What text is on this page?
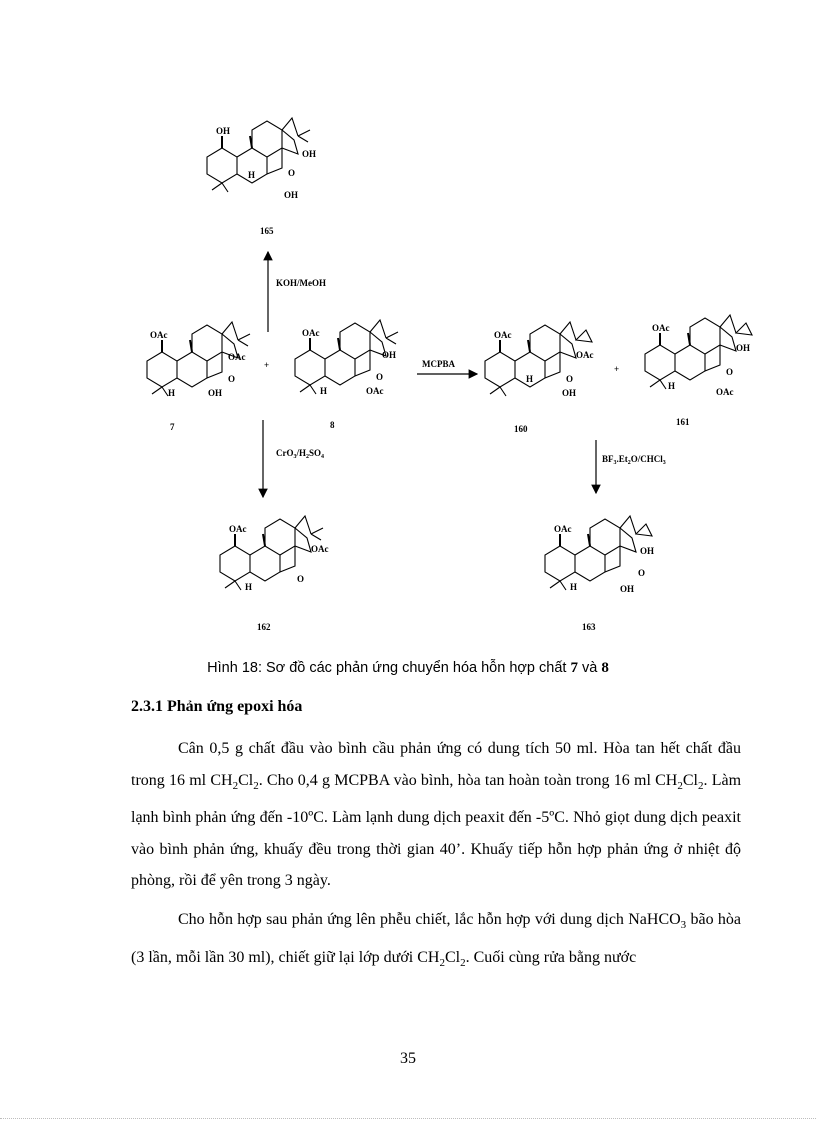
OH
OH
OH
O
H
165
OAc
OAc
OH
O
H
7
+
OAc
OH
OAc
O
H
8
OAc
OAc
OH
O
H
160
+
OAc
OH
OAc
O
H
161
OAc
OAc
O
H
162
OAc
OH
OH
O
H
163
KOH/MeOH
$CrO_3/H_2SO_4$
MCPBA
$BF_3.Et_2O/CHCl_3$
Hình 18: Sơ đồ các phản ứng chuyển hóa hỗn hợp chất 7 và 8
2.3.1 Phản ứng epoxi hóa
Cân 0,5 g chất đầu vào bình cầu phản ứng có dung tích 50 ml. Hòa tan hết chất đầu trong 16 ml $CH_2Cl_2$. Cho 0,4 g MCPBA vào bình, hòa tan hoàn toàn trong 16 ml $CH_2Cl_2$. Làm lạnh bình phản ứng đến -10ºC. Làm lạnh dung dịch peaxit đến -5ºC. Nhỏ giọt dung dịch peaxit vào bình phản ứng, khuấy đều trong thời gian 40’. Khuấy tiếp hỗn hợp phản ứng ở nhiệt độ phòng, rồi để yên trong 3 ngày.
Cho hỗn hợp sau phản ứng lên phễu chiết, lắc hỗn hợp với dung dịch NaHCO$_3$ bão hòa (3 lần, mỗi lần 30 ml), chiết giữ lại lớp dưới $CH_2Cl_2$. Cuối cùng rửa bằng nước
35
